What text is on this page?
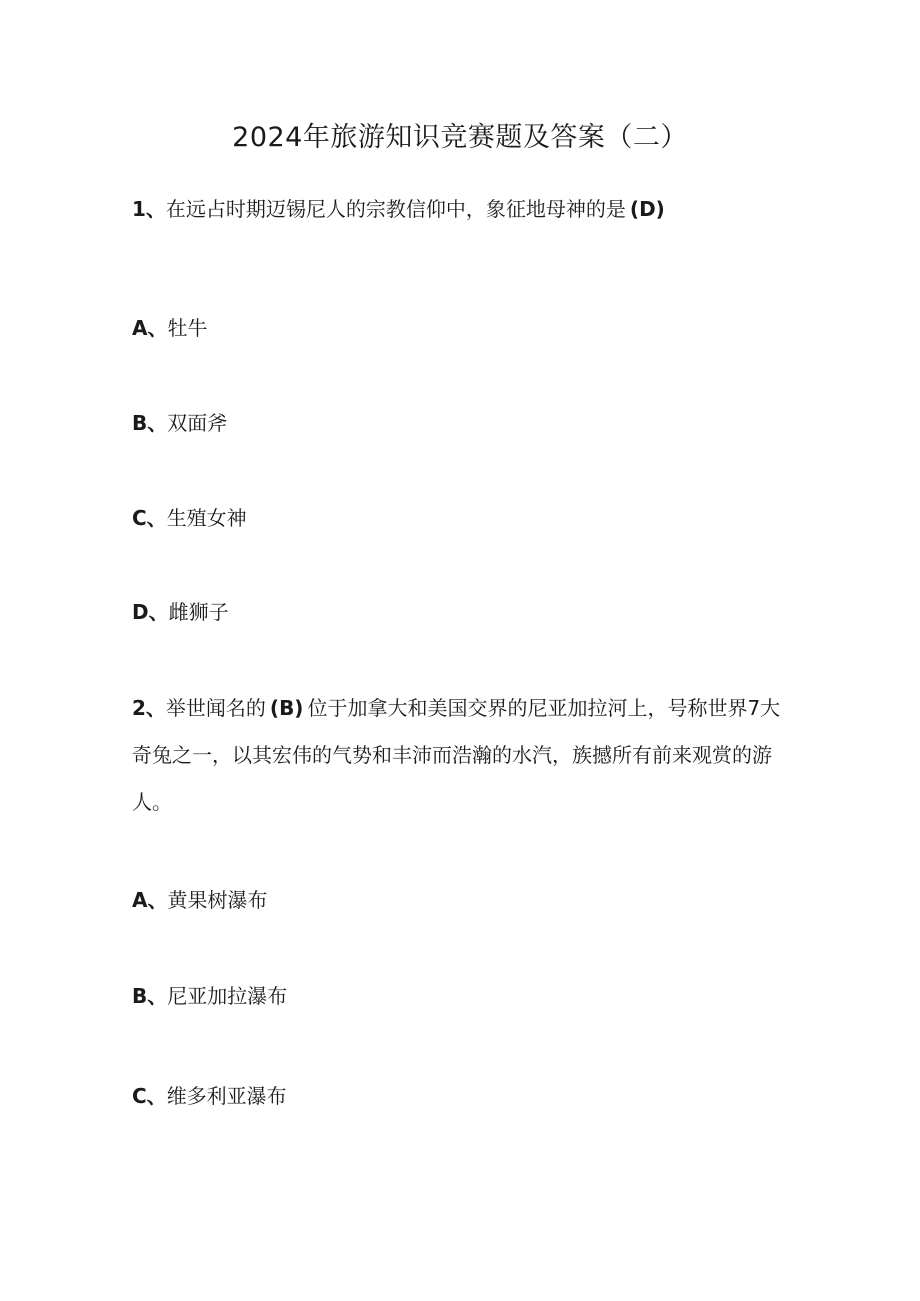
2024年旅游知识竞赛题及答案（二）
1、在远占时期迈锡尼人的宗教信仰中，象征地母神的是 (D)
A、牡牛
B、双面斧
C、生殖女神
D、雌狮子
2、举世闻名的 (B) 位于加拿大和美国交界的尼亚加拉河上，号称世界7大奇兔之一，以其宏伟的气势和丰沛而浩瀚的水汽，族撼所有前来观赏的游人。
A、黄果树瀑布
B、尼亚加拉瀑布
C、维多利亚瀑布
